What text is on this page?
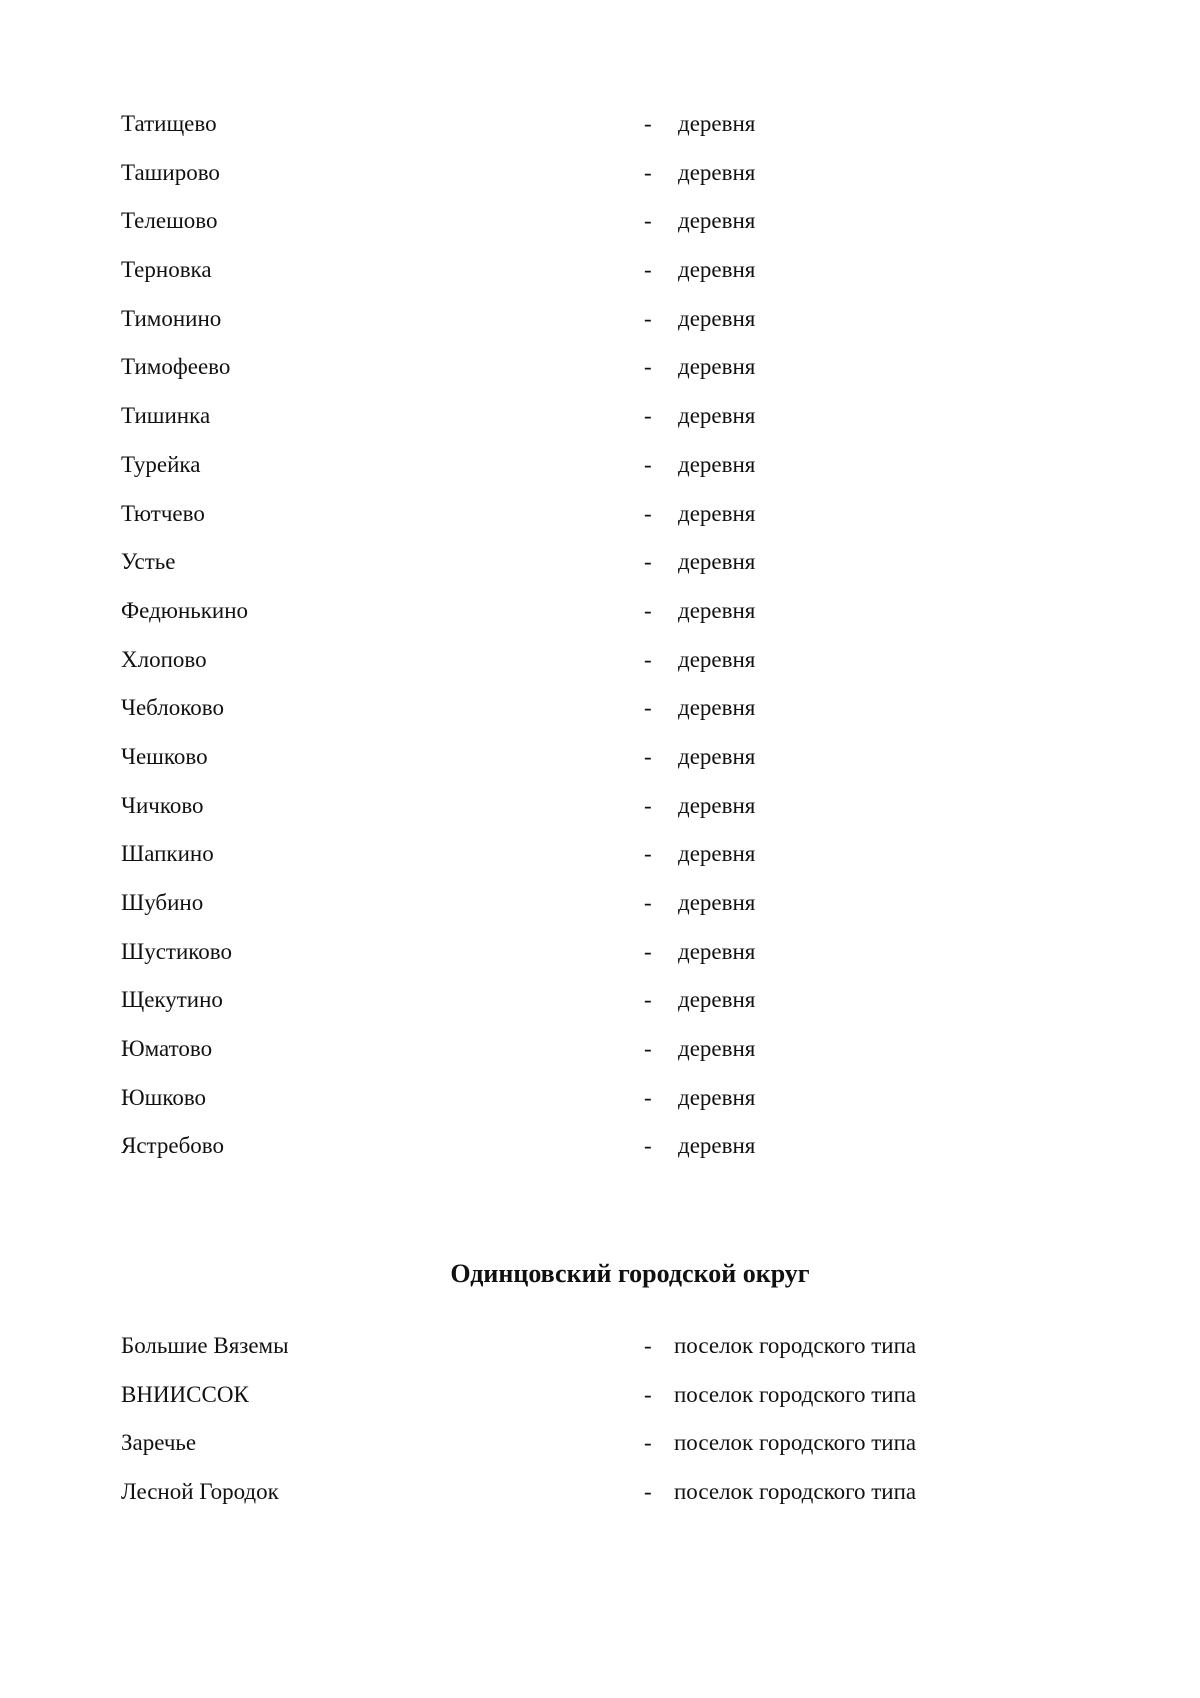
Татищево	- деревня
Таширово	- деревня
Телешово	- деревня
Терновка	- деревня
Тимонино	- деревня
Тимофеево	- деревня
Тишинка	- деревня
Турейка	- деревня
Тютчево	- деревня
Устье	- деревня
Федюнькино	- деревня
Хлопово	- деревня
Чеблоково	- деревня
Чешково	- деревня
Чичково	- деревня
Шапкино	- деревня
Шубино	- деревня
Шустиково	- деревня
Щекутино	- деревня
Юматово	- деревня
Юшково	- деревня
Ястребово	- деревня
Одинцовский городской округ
Большие Вяземы	- поселок городского типа
ВНИИССОК	- поселок городского типа
Заречье	- поселок городского типа
Лесной Городок	- поселок городского типа
